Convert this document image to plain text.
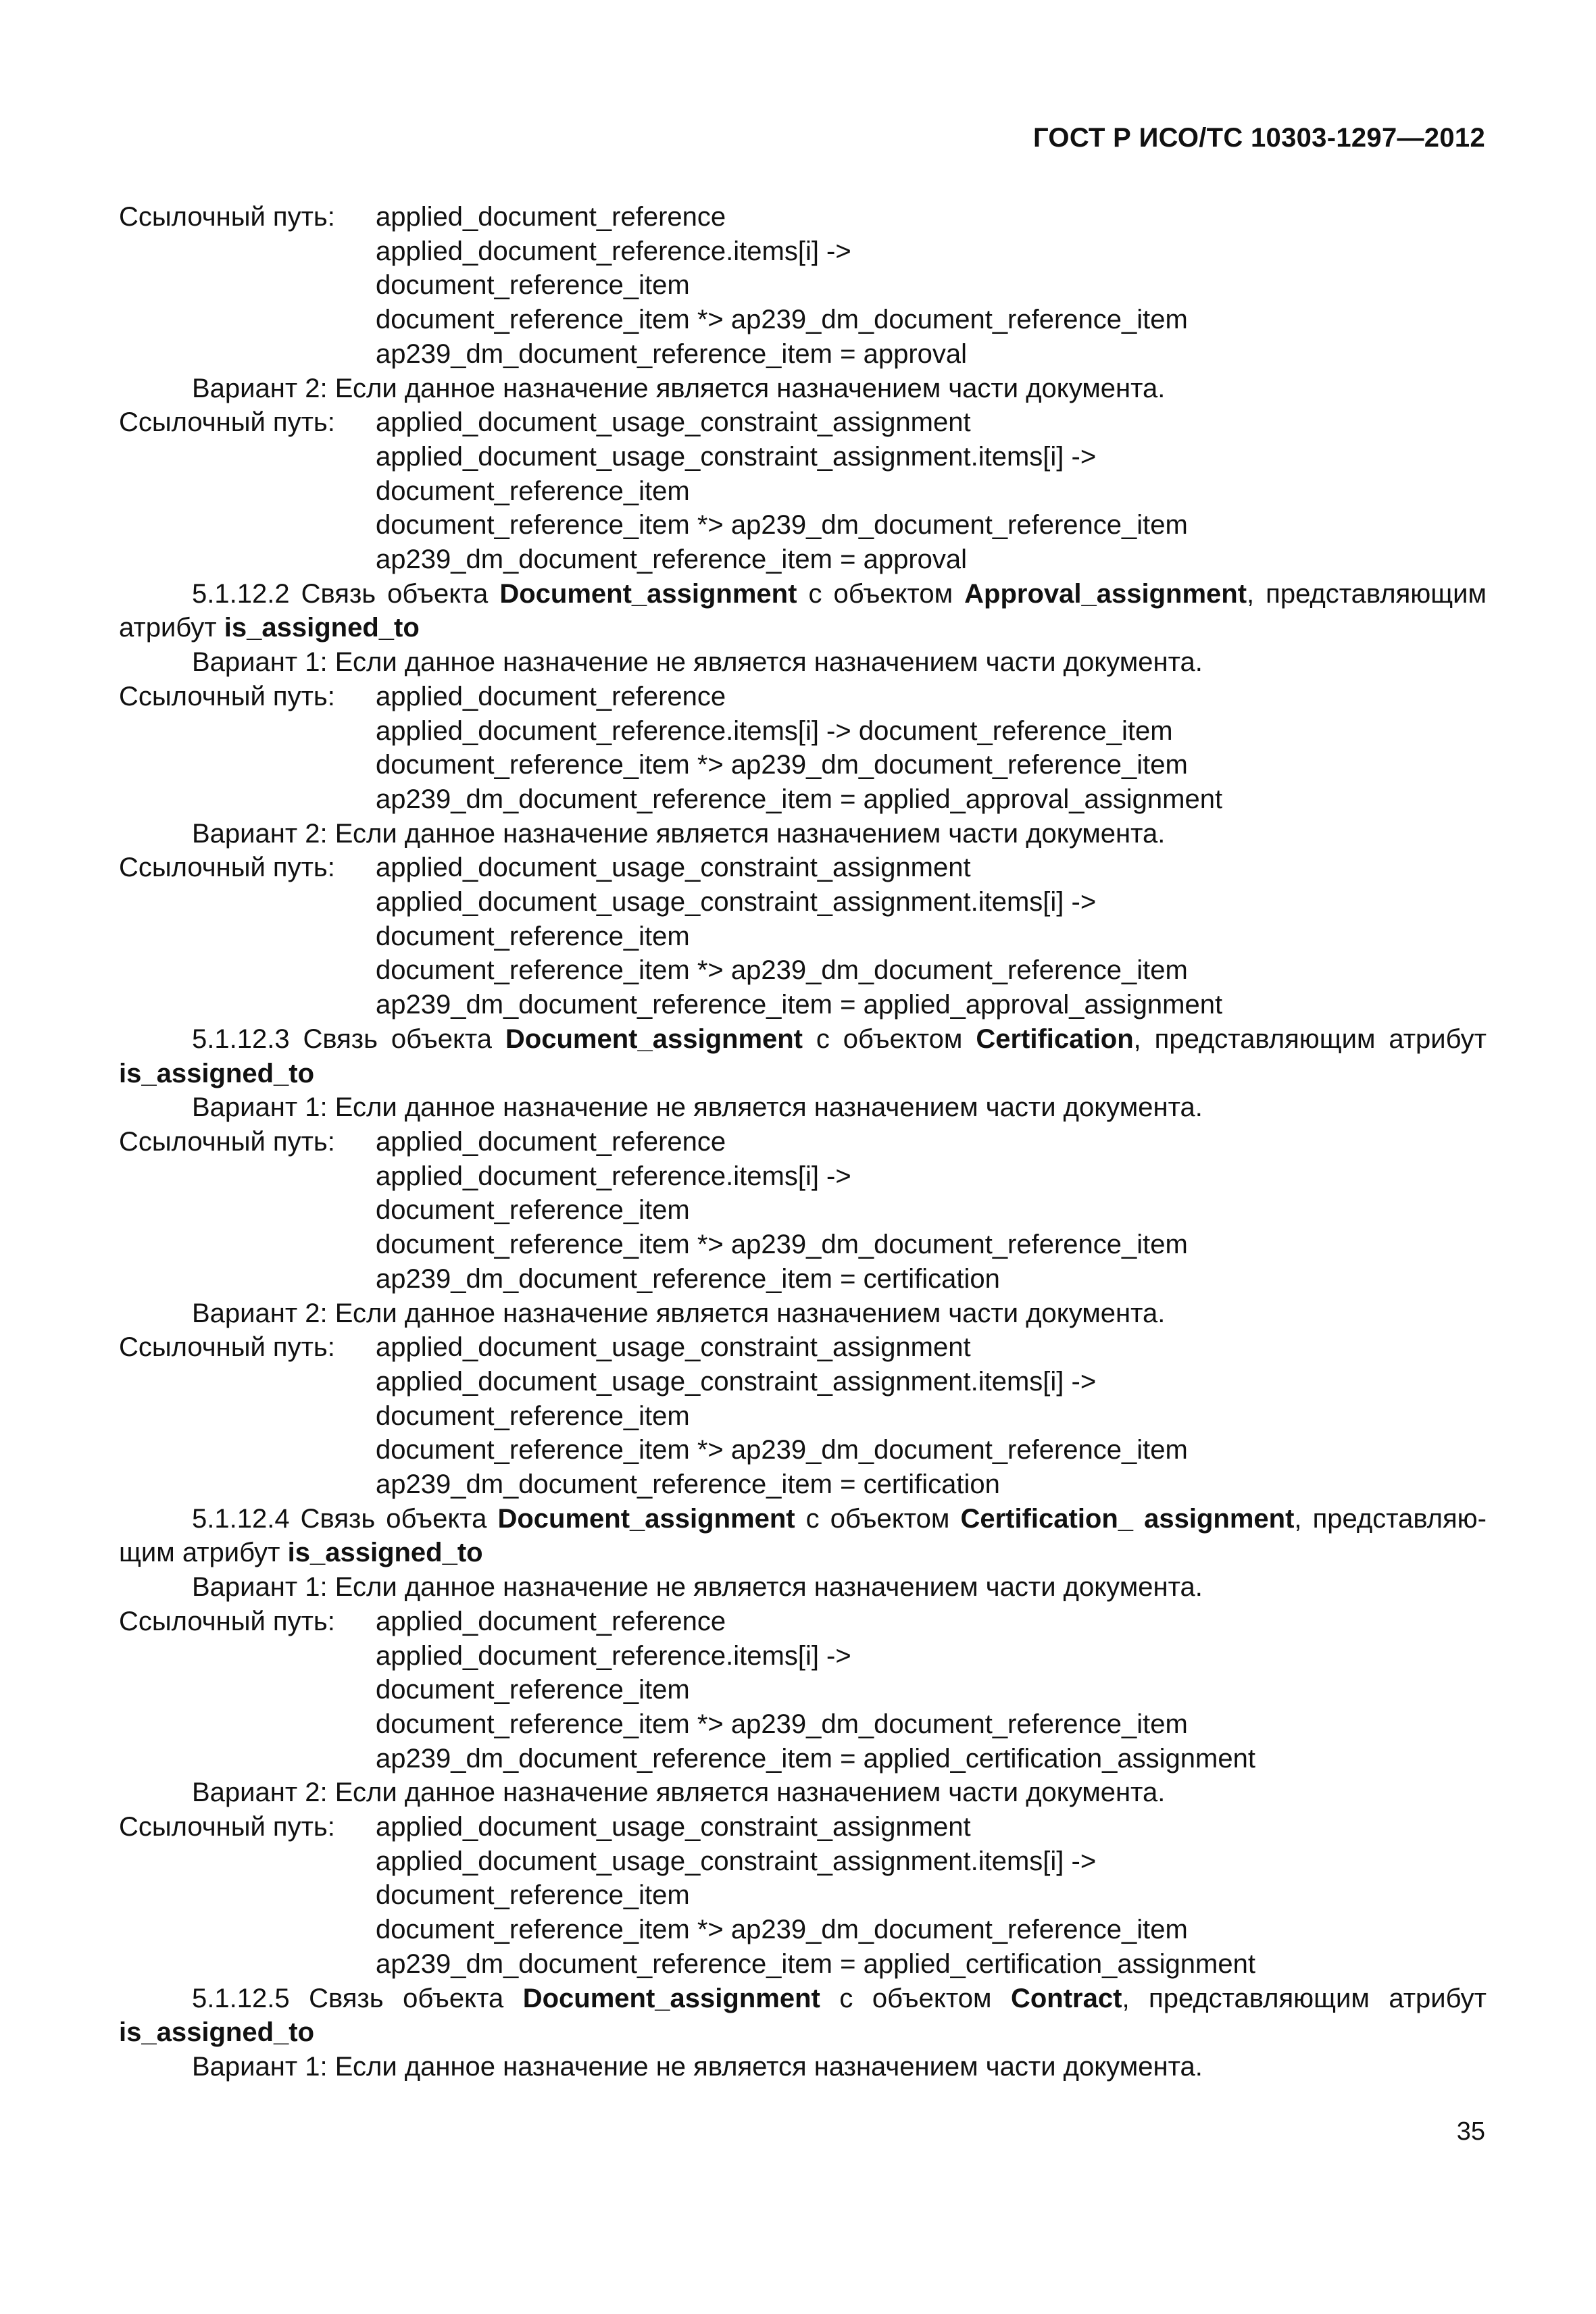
ГОСТ Р ИСО/ТС 10303-1297—2012
Ссылочный путь: applied_document_reference
applied_document_reference.items[i] ->
document_reference_item
document_reference_item *> ap239_dm_document_reference_item
ap239_dm_document_reference_item = approval
Вариант 2: Если данное назначение является назначением части документа.
Ссылочный путь: applied_document_usage_constraint_assignment
applied_document_usage_constraint_assignment.items[i] ->
document_reference_item
document_reference_item *> ap239_dm_document_reference_item
ap239_dm_document_reference_item = approval
5.1.12.2 Связь объекта Document_assignment с объектом Approval_assignment, представляющим атрибут is_assigned_to
Вариант 1: Если данное назначение не является назначением части документа.
Ссылочный путь: applied_document_reference
applied_document_reference.items[i] -> document_reference_item
document_reference_item *> ap239_dm_document_reference_item
ap239_dm_document_reference_item = applied_approval_assignment
Вариант 2: Если данное назначение является назначением части документа.
Ссылочный путь: applied_document_usage_constraint_assignment
applied_document_usage_constraint_assignment.items[i] ->
document_reference_item
document_reference_item *> ap239_dm_document_reference_item
ap239_dm_document_reference_item = applied_approval_assignment
5.1.12.3 Связь объекта Document_assignment с объектом Certification, представляющим атрибут is_assigned_to
Вариант 1: Если данное назначение не является назначением части документа.
Ссылочный путь: applied_document_reference
applied_document_reference.items[i] ->
document_reference_item
document_reference_item *> ap239_dm_document_reference_item
ap239_dm_document_reference_item = certification
Вариант 2: Если данное назначение является назначением части документа.
Ссылочный путь: applied_document_usage_constraint_assignment
applied_document_usage_constraint_assignment.items[i] ->
document_reference_item
document_reference_item *> ap239_dm_document_reference_item
ap239_dm_document_reference_item = certification
5.1.12.4 Связь объекта Document_assignment с объектом Certification_ assignment, представляющим атрибут is_assigned_to
Вариант 1: Если данное назначение не является назначением части документа.
Ссылочный путь: applied_document_reference
applied_document_reference.items[i] ->
document_reference_item
document_reference_item *> ap239_dm_document_reference_item
ap239_dm_document_reference_item = applied_certification_assignment
Вариант 2: Если данное назначение является назначением части документа.
Ссылочный путь: applied_document_usage_constraint_assignment
applied_document_usage_constraint_assignment.items[i] ->
document_reference_item
document_reference_item *> ap239_dm_document_reference_item
ap239_dm_document_reference_item = applied_certification_assignment
5.1.12.5 Связь объекта Document_assignment с объектом Contract, представляющим атрибут is_assigned_to
Вариант 1: Если данное назначение не является назначением части документа.
35
